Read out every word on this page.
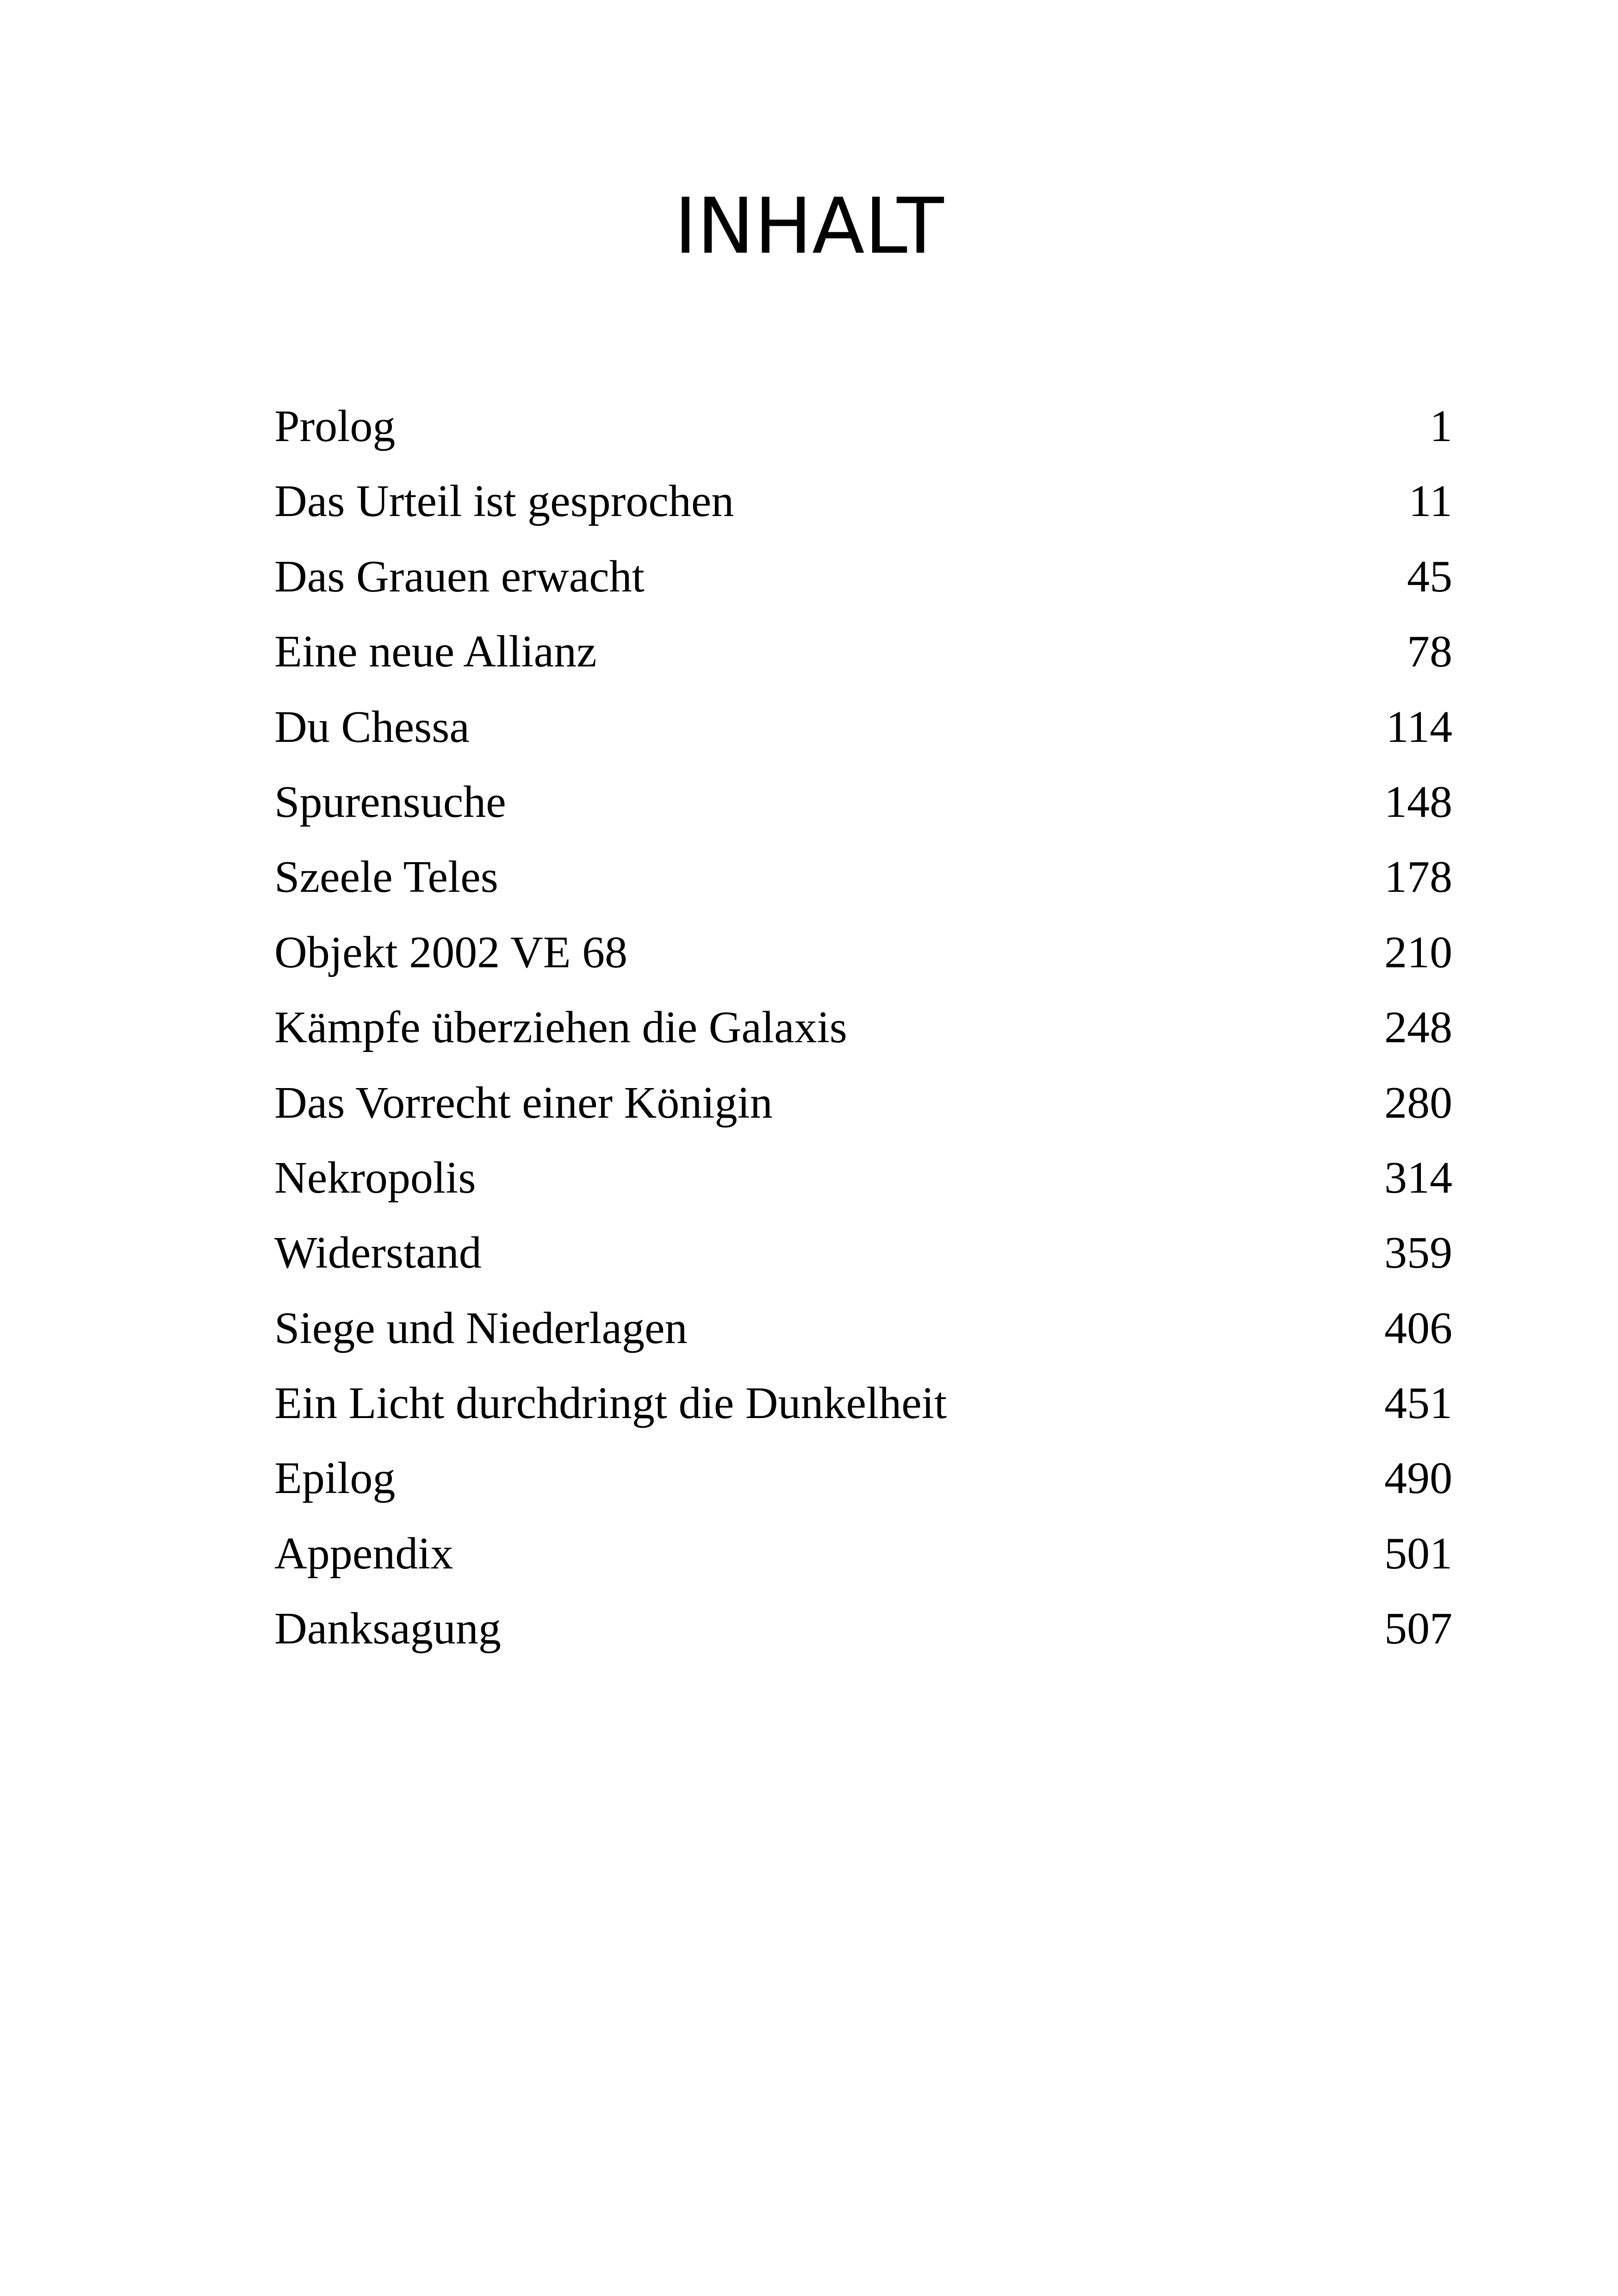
INHALT
Prolog	1
Das Urteil ist gesprochen	11
Das Grauen erwacht	45
Eine neue Allianz	78
Du Chessa	114
Spurensuche	148
Szeele Teles	178
Objekt 2002 VE 68	210
Kämpfe überziehen die Galaxis	248
Das Vorrecht einer Königin	280
Nekropolis	314
Widerstand	359
Siege und Niederlagen	406
Ein Licht durchdringt die Dunkelheit	451
Epilog	490
Appendix	501
Danksagung	507
